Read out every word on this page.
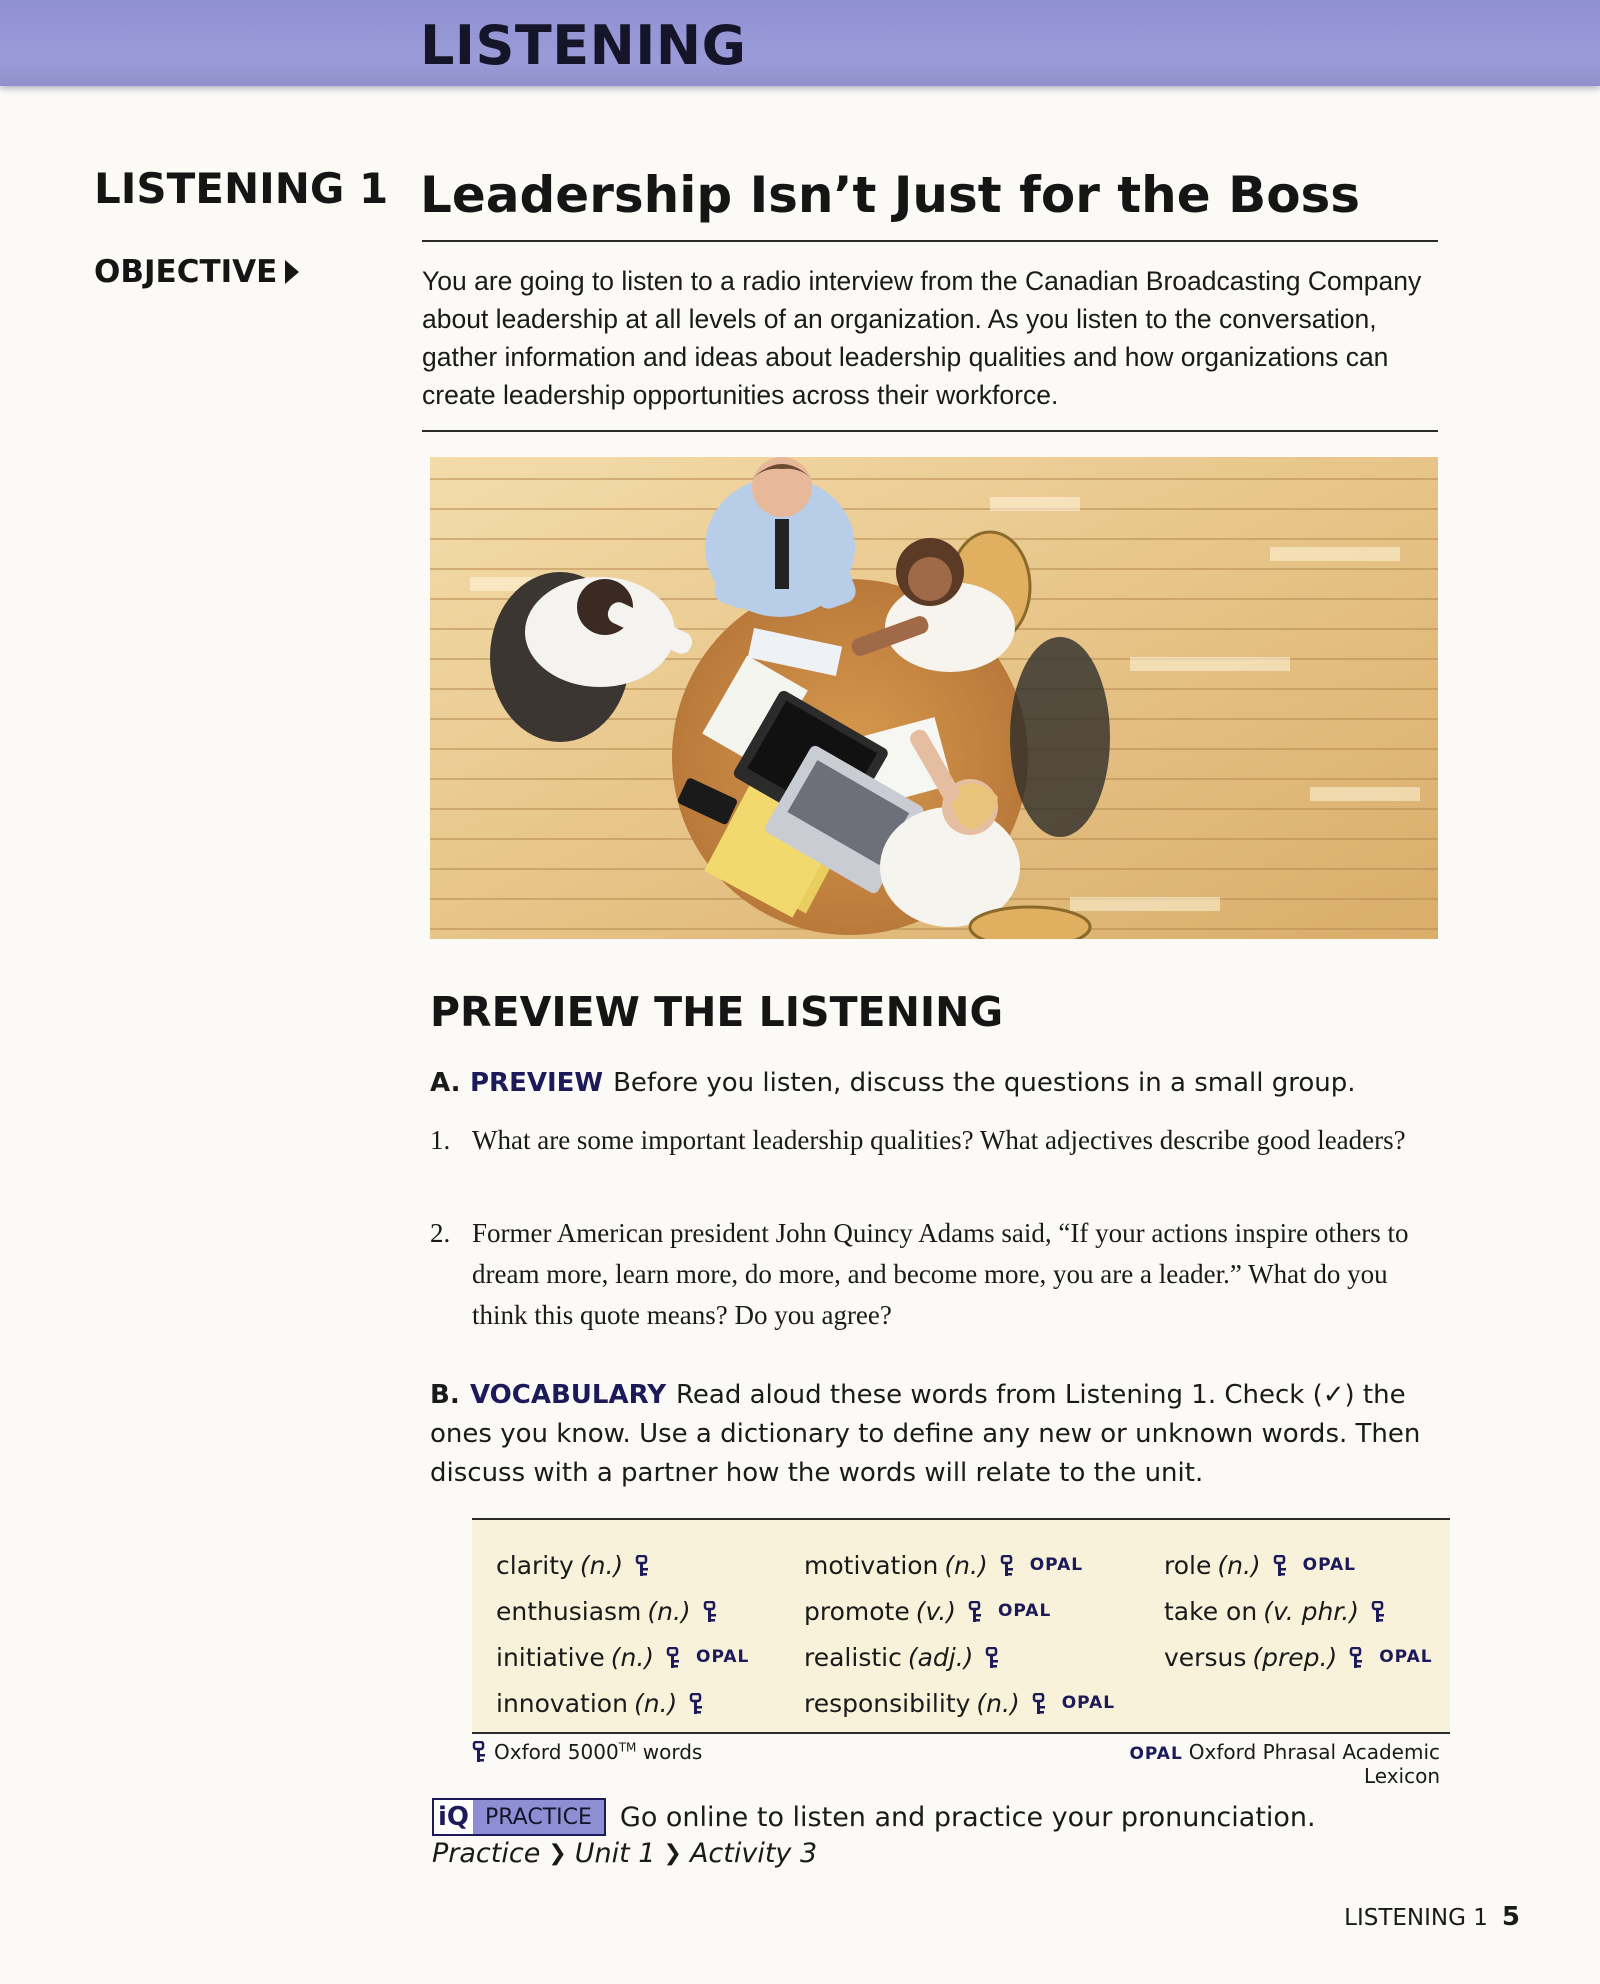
LISTENING
LISTENING 1
OBJECTIVE
Leadership Isn’t Just for the Boss
You are going to listen to a radio interview from the Canadian Broadcasting Company about leadership at all levels of an organization. As you listen to the conversation, gather information and ideas about leadership qualities and how organizations can create leadership opportunities across their workforce.
PREVIEW THE LISTENING
A. PREVIEW Before you listen, discuss the questions in a small group.
1. What are some important leadership qualities? What adjectives describe good leaders?
2. Former American president John Quincy Adams said, “If your actions inspire others to dream more, learn more, do more, and become more, you are a leader.” What do you think this quote means? Do you agree?
B. VOCABULARY Read aloud these words from Listening 1. Check (✓) the ones you know. Use a dictionary to define any new or unknown words. Then discuss with a partner how the words will relate to the unit.
clarity (n.)
enthusiasm (n.)
initiative (n.) OPAL
innovation (n.)
motivation (n.) OPAL
promote (v.) OPAL
realistic (adj.)
responsibility (n.) OPAL
role (n.) OPAL
take on (v. phr.)
versus (prep.) OPAL
Oxford 5000™ words	OPAL Oxford Phrasal Academic Lexicon
iQ PRACTICE	Go online to listen and practice your pronunciation.
Practice ❯ Unit 1 ❯ Activity 3
LISTENING 1 5
